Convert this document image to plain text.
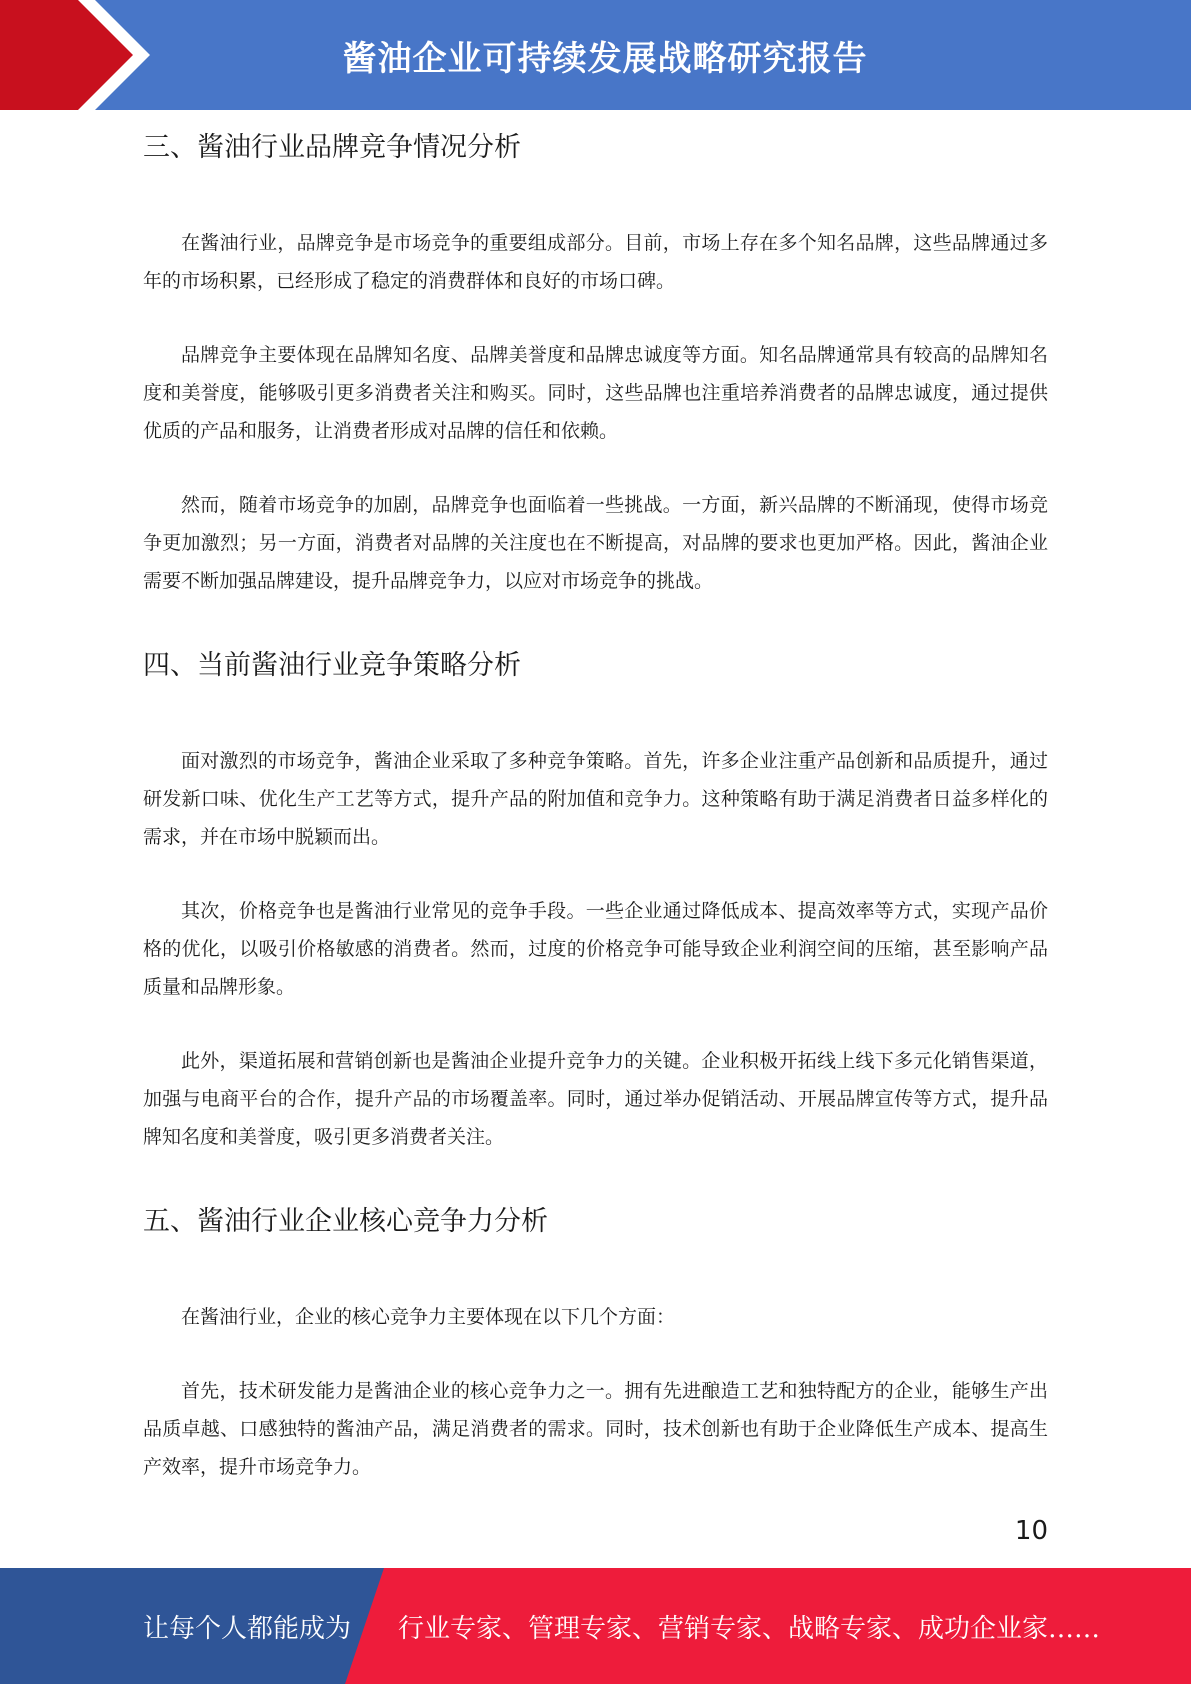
酱油企业可持续发展战略研究报告
三、酱油行业品牌竞争情况分析

在酱油行业，品牌竞争是市场竞争的重要组成部分。目前，市场上存在多个知名品牌，这些品牌通过多年的市场积累，已经形成了稳定的消费群体和良好的市场口碑。

品牌竞争主要体现在品牌知名度、品牌美誉度和品牌忠诚度等方面。知名品牌通常具有较高的品牌知名度和美誉度，能够吸引更多消费者关注和购买。同时，这些品牌也注重培养消费者的品牌忠诚度，通过提供优质的产品和服务，让消费者形成对品牌的信任和依赖。

然而，随着市场竞争的加剧，品牌竞争也面临着一些挑战。一方面，新兴品牌的不断涌现，使得市场竞争更加激烈；另一方面，消费者对品牌的关注度也在不断提高，对品牌的要求也更加严格。因此，酱油企业需要不断加强品牌建设，提升品牌竞争力，以应对市场竞争的挑战。

四、当前酱油行业竞争策略分析

面对激烈的市场竞争，酱油企业采取了多种竞争策略。首先，许多企业注重产品创新和品质提升，通过研发新口味、优化生产工艺等方式，提升产品的附加值和竞争力。这种策略有助于满足消费者日益多样化的需求，并在市场中脱颖而出。

其次，价格竞争也是酱油行业常见的竞争手段。一些企业通过降低成本、提高效率等方式，实现产品价格的优化，以吸引价格敏感的消费者。然而，过度的价格竞争可能导致企业利润空间的压缩，甚至影响产品质量和品牌形象。

此外，渠道拓展和营销创新也是酱油企业提升竞争力的关键。企业积极开拓线上线下多元化销售渠道，加强与电商平台的合作，提升产品的市场覆盖率。同时，通过举办促销活动、开展品牌宣传等方式，提升品牌知名度和美誉度，吸引更多消费者关注。

五、酱油行业企业核心竞争力分析

在酱油行业，企业的核心竞争力主要体现在以下几个方面：

首先，技术研发能力是酱油企业的核心竞争力之一。拥有先进酿造工艺和独特配方的企业，能够生产出品质卓越、口感独特的酱油产品，满足消费者的需求。同时，技术创新也有助于企业降低生产成本、提高生产效率，提升市场竞争力。

10
让每个人都能成为 行业专家、管理专家、营销专家、战略专家、成功企业家……
